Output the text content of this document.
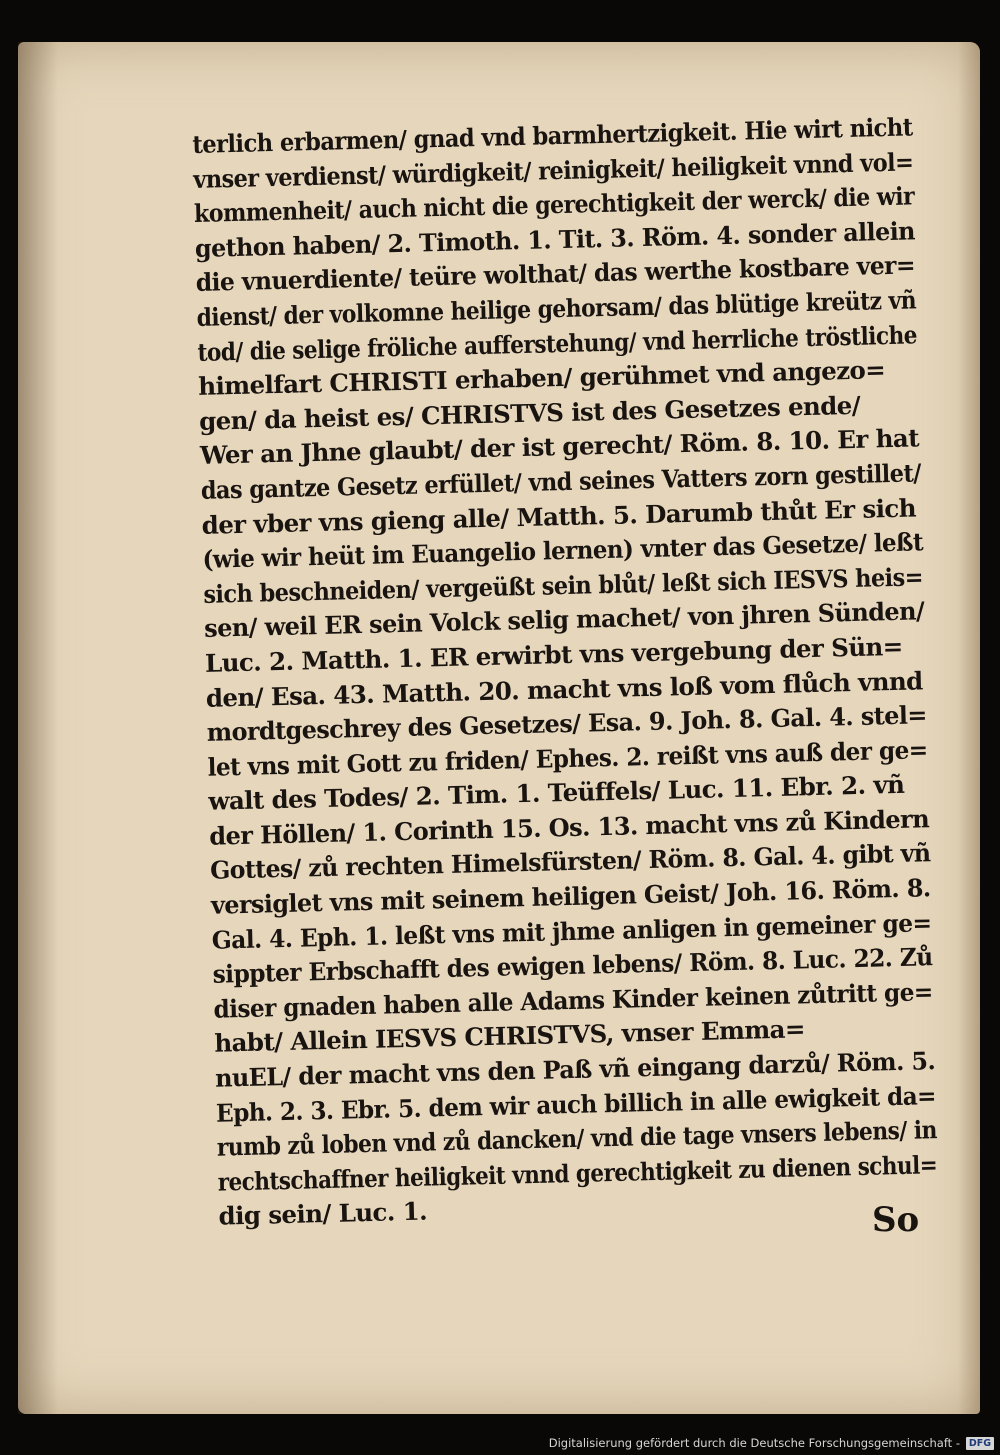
terlich erbarmen/ gnad vnd barmhertzigkeit. Hie wirt nicht
vnser verdienst/ würdigkeit/ reinigkeit/ heiligkeit vnnd vol=
kommenheit/ auch nicht die gerechtigkeit der werck/ die wir
gethon haben/ 2. Timoth. 1. Tit. 3. Röm. 4. sonder allein
die vnuerdiente/ teüre wolthat/ das werthe kostbare ver=
dienst/ der volkomne heilige gehorsam/ das blütige kreütz vñ
tod/ die selige fröliche aufferstehung/ vnd herrliche tröstliche
himelfart CHRISTI erhaben/ gerühmet vnd angezo=
gen/ da heist es/ CHRISTVS ist des Gesetzes ende/
Wer an Jhne glaubt/ der ist gerecht/ Röm. 8. 10. Er hat
das gantze Gesetz erfüllet/ vnd seines Vatters zorn gestillet/
der vber vns gieng alle/ Matth. 5. Darumb thůt Er sich
(wie wir heüt im Euangelio lernen) vnter das Gesetze/ leßt
sich beschneiden/ vergeüßt sein blůt/ leßt sich IESVS heis=
sen/ weil ER sein Volck selig machet/ von jhren Sünden/
Luc. 2. Matth. 1. ER erwirbt vns vergebung der Sün=
den/ Esa. 43. Matth. 20. macht vns loß vom flůch vnnd
mordtgeschrey des Gesetzes/ Esa. 9. Joh. 8. Gal. 4. stel=
let vns mit Gott zu friden/ Ephes. 2. reißt vns auß der ge=
walt des Todes/ 2. Tim. 1. Teüffels/ Luc. 11. Ebr. 2. vñ
der Höllen/ 1. Corinth 15. Os. 13. macht vns zů Kindern
Gottes/ zů rechten Himelsfürsten/ Röm. 8. Gal. 4. gibt vñ
versiglet vns mit seinem heiligen Geist/ Joh. 16. Röm. 8.
Gal. 4. Eph. 1. leßt vns mit jhme anligen in gemeiner ge=
sippter Erbschafft des ewigen lebens/ Röm. 8. Luc. 22. Zů
diser gnaden haben alle Adams Kinder keinen zůtritt ge=
habt/ Allein IESVS CHRISTVS, vnser Emma=
nuEL/ der macht vns den Paß vñ eingang darzů/ Röm. 5.
Eph. 2. 3. Ebr. 5. dem wir auch billich in alle ewigkeit da=
rumb zů loben vnd zů dancken/ vnd die tage vnsers lebens/ in
rechtschaffner heiligkeit vnnd gerechtigkeit zu dienen schul=
dig sein/ Luc. 1.	So
Digitalisierung gefördert durch die Deutsche Forschungsgemeinschaft - DFG
